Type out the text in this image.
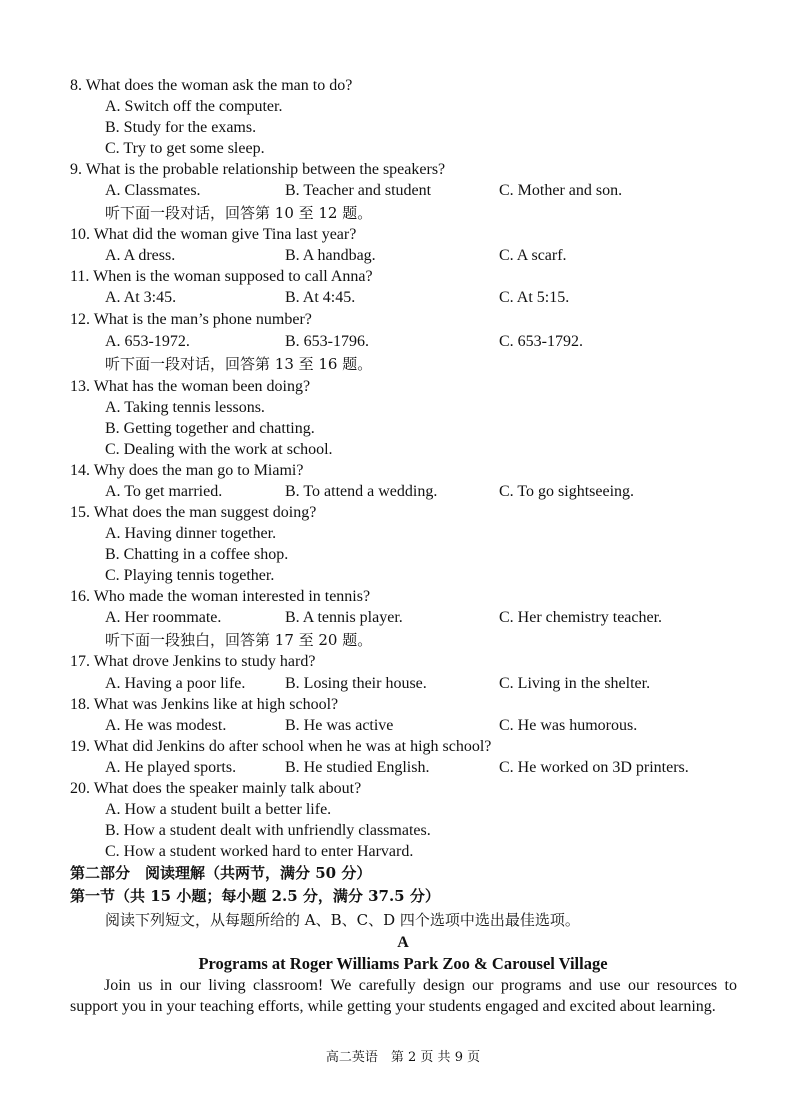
8. What does the woman ask the man to do?
A. Switch off the computer.
B. Study for the exams.
C. Try to get some sleep.
9. What is the probable relationship between the speakers?
A. Classmates.	B. Teacher and student	C. Mother and son.
听下面一段对话，回答第 10 至 12 题。
10. What did the woman give Tina last year?
A. A dress.	B. A handbag.	C. A scarf.
11. When is the woman supposed to call Anna?
A. At 3:45.	B. At 4:45.	C. At 5:15.
12. What is the man’s phone number?
A. 653-1972.	B. 653-1796.	C. 653-1792.
听下面一段对话，回答第 13 至 16 题。
13. What has the woman been doing?
A. Taking tennis lessons.
B. Getting together and chatting.
C. Dealing with the work at school.
14. Why does the man go to Miami?
A. To get married.	B. To attend a wedding.	C. To go sightseeing.
15. What does the man suggest doing?
A. Having dinner together.
B. Chatting in a coffee shop.
C. Playing tennis together.
16. Who made the woman interested in tennis?
A. Her roommate.	B. A tennis player.	C. Her chemistry teacher.
听下面一段独白，回答第 17 至 20 题。
17. What drove Jenkins to study hard?
A. Having a poor life. B. Losing their house.	C. Living in the shelter.
18. What was Jenkins like at high school?
A. He was modest.	B. He was active	C. He was humorous.
19. What did Jenkins do after school when he was at high school?
A. He played sports.	B. He studied English.	C. He worked on 3D printers.
20. What does the speaker mainly talk about?
A. How a student built a better life.
B. How a student dealt with unfriendly classmates.
C. How a student worked hard to enter Harvard.
第二部分　阅读理解（共两节，满分 50 分）
第一节（共 15 小题；每小题 2.5 分，满分 37.5 分）
阅读下列短文，从每题所给的 A、B、C、D 四个选项中选出最佳选项。
A
Programs at Roger Williams Park Zoo & Carousel Village
Join us in our living classroom! We carefully design our programs and use our resources to support you in your teaching efforts, while getting your students engaged and excited about learning.
高二英语　第 2 页 共 9 页
